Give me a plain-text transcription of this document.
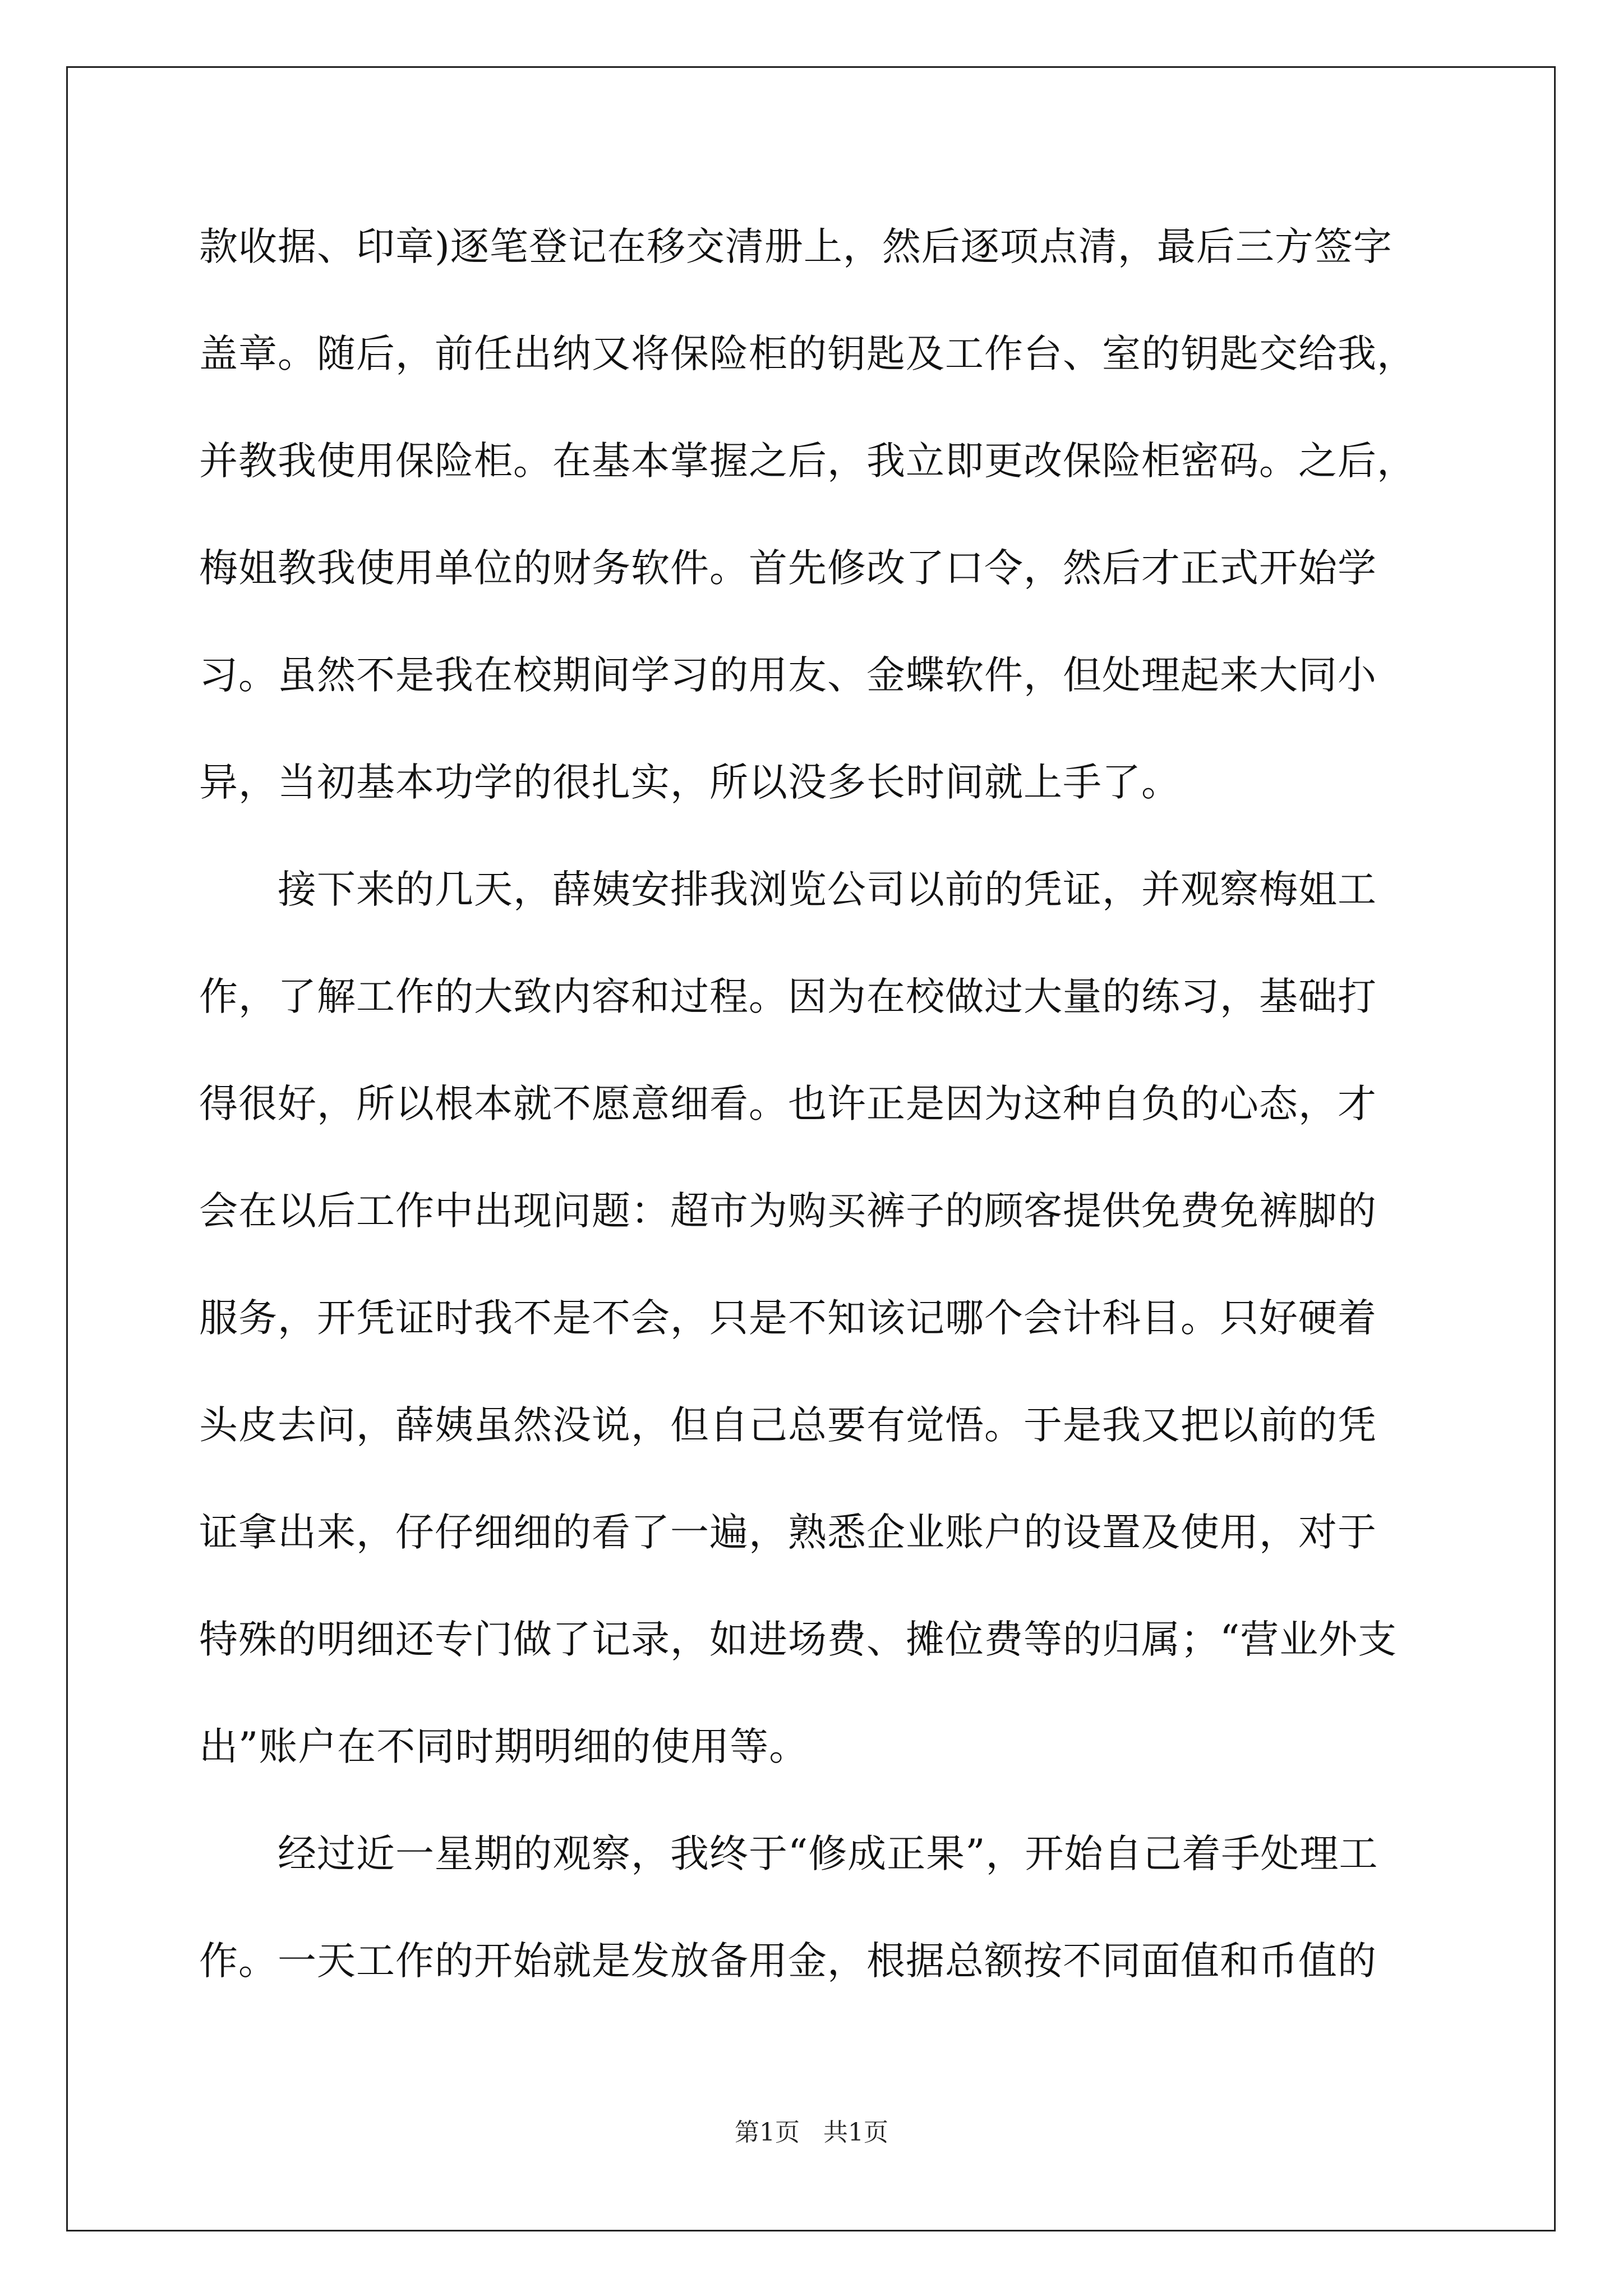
款收据、印章)逐笔登记在移交清册上，然后逐项点清，最后三方签字
盖章。随后，前任出纳又将保险柜的钥匙及工作台、室的钥匙交给我，
并教我使用保险柜。在基本掌握之后，我立即更改保险柜密码。之后，
梅姐教我使用单位的财务软件。首先修改了口令，然后才正式开始学
习。虽然不是我在校期间学习的用友、金蝶软件，但处理起来大同小
异，当初基本功学的很扎实，所以没多长时间就上手了。
　　接下来的几天，薛姨安排我浏览公司以前的凭证，并观察梅姐工
作，了解工作的大致内容和过程。因为在校做过大量的练习，基础打
得很好，所以根本就不愿意细看。也许正是因为这种自负的心态，才
会在以后工作中出现问题：超市为购买裤子的顾客提供免费免裤脚的
服务，开凭证时我不是不会，只是不知该记哪个会计科目。只好硬着
头皮去问，薛姨虽然没说，但自己总要有觉悟。于是我又把以前的凭
证拿出来，仔仔细细的看了一遍，熟悉企业账户的设置及使用，对于
特殊的明细还专门做了记录，如进场费、摊位费等的归属；“营业外支
出”账户在不同时期明细的使用等。
　　经过近一星期的观察，我终于“修成正果”，开始自己着手处理工
作。一天工作的开始就是发放备用金，根据总额按不同面值和币值的
第1页   共1页
